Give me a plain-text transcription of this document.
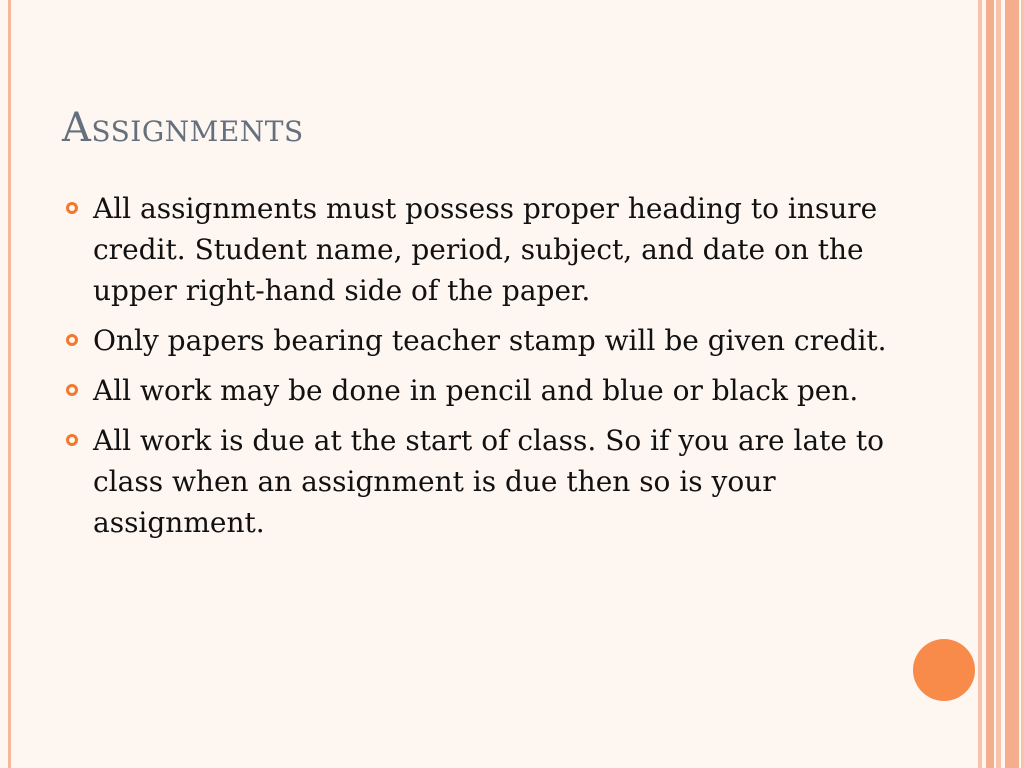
Assignments
All assignments must possess proper heading to insure credit. Student name, period, subject, and date on the upper right-hand side of the paper.
Only papers bearing teacher stamp will be given credit.
All work may be done in pencil and blue or black pen.
All work is due at the start of class. So if you are late to class when an assignment is due then so is your assignment.
